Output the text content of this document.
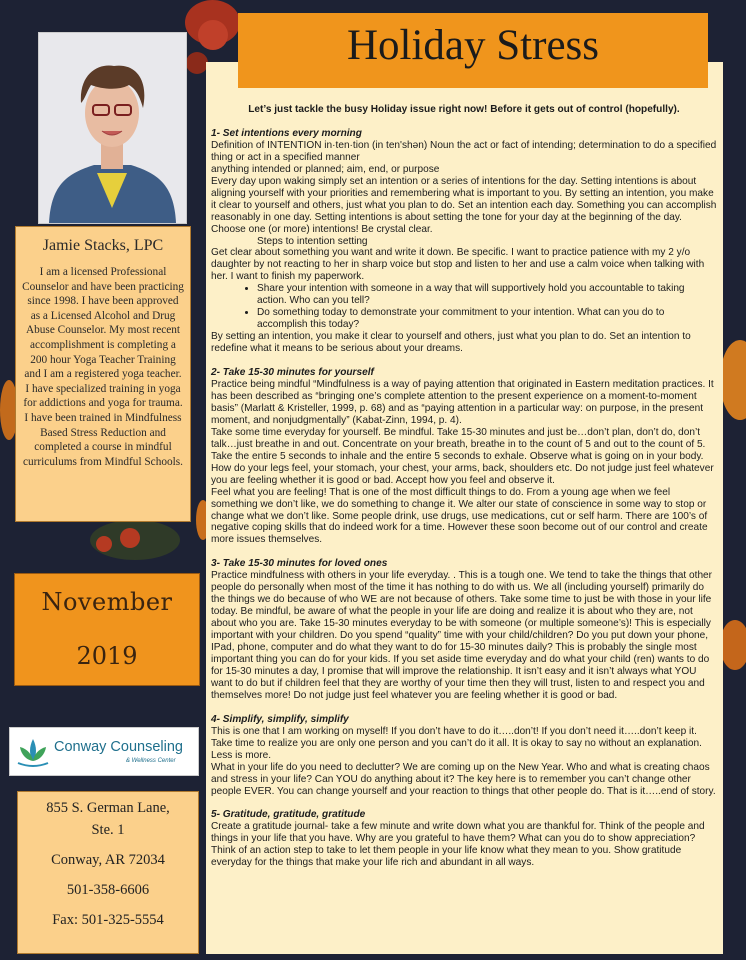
Jamie Stacks, LPC
I am a licensed Professional Counselor and have been practicing since 1998. I have been approved as a Licensed Alcohol and Drug Abuse Counselor. My most recent accomplishment is completing a 200 hour Yoga Teacher Training and I am a registered yoga teacher. I have specialized training in yoga for addictions and yoga for trauma. I have been trained in Mindfulness Based Stress Reduction and completed a course in mindful curriculums from Mindful Schools.
November
2019
Conway Counseling
& Wellness Center
855 S. German Lane,
Ste. 1
Conway, AR 72034
501-358-6606
Fax: 501-325-5554
Holiday Stress

Let’s just tackle the busy Holiday issue right now! Before it gets out of control (hopefully).

1- Set intentions every morning

Definition of INTENTION in·ten·tion (in ten'shən) Noun the act or fact of intending; determination to do a specified thing or act in a specified manner

anything intended or planned; aim, end, or purpose

Every day upon waking simply set an intention or a series of intentions for the day. Setting intentions is about aligning yourself with your priorities and remembering what is important to you. By setting an intention, you make it clear to yourself and others, just what you plan to do. Set an intention each day. Something you can accomplish reasonably in one day. Setting intentions is about setting the tone for your day at the beginning of the day. Choose one (or more) intentions! Be crystal clear.

Steps to intention setting

Get clear about something you want and write it down. Be specific. I want to practice patience with my 2 y/o daughter by not reacting to her in sharp voice but stop and listen to her and use a calm voice when talking with her. I want to finish my paperwork.

• Share your intention with someone in a way that will supportively hold you accountable to taking action. Who can you tell?
• Do something today to demonstrate your commitment to your intention. What can you do to accomplish this today?

By setting an intention, you make it clear to yourself and others, just what you plan to do. Set an intention to redefine what it means to be serious about your dreams.

2- Take 15-30 minutes for yourself

Practice being mindful “Mindfulness is a way of paying attention that originated in Eastern meditation practices. It has been described as “bringing one’s complete attention to the present experience on a moment-to-moment basis” (Marlatt & Kristeller, 1999, p. 68) and as “paying attention in a particular way: on purpose, in the present moment, and nonjudgmentally” (Kabat-Zinn, 1994, p. 4).

Take some time everyday for yourself. Be mindful. Take 15-30 minutes and just be…don’t plan, don’t do, don’t talk…just breathe in and out. Concentrate on your breath, breathe in to the count of 5 and out to the count of 5. Take the entire 5 seconds to inhale and the entire 5 seconds to exhale. Observe what is going on in your body. How do your legs feel, your stomach, your chest, your arms, back, shoulders etc. Do not judge just feel whatever you are feeling whether it is good or bad. Accept how you feel and observe it.

Feel what you are feeling! That is one of the most difficult things to do. From a young age when we feel something we don’t like, we do something to change it. We alter our state of conscience in some way to stop or change what we don’t like. Some people drink, use drugs, use medications, cut or self harm. There are 100’s of negative coping skills that do indeed work for a time. However these soon become out of our control and create more issues themselves.

3- Take 15-30 minutes for loved ones

Practice mindfulness with others in your life everyday. . This is a tough one. We tend to take the things that other people do personally when most of the time it has nothing to do with us. We all (including yourself) primarily do the things we do because of who WE are not because of others. Take some time to just be with those in your life today. Be mindful, be aware of what the people in your life are doing and realize it is about who they are, not about who you are. Take 15-30 minutes everyday to be with someone (or multiple someone’s)! This is especially important with your children. Do you spend “quality” time with your child/children? Do you put down your phone, IPad, phone, computer and do what they want to do for 15-30 minutes daily? This is probably the single most important thing you can do for your kids. If you set aside time everyday and do what your child (ren) wants to do for 15-30 minutes a day, I promise that will improve the relationship. It isn’t easy and it isn’t always what YOU want to do but if children feel that they are worthy of your time then they will trust, listen to and respect you and themselves more! Do not judge just feel whatever you are feeling whether it is good or bad.

4- Simplify, simplify, simplify

This is one that I am working on myself! If you don’t have to do it…..don’t! If you don’t need it…..don’t keep it. Take time to realize you are only one person and you can’t do it all. It is okay to say no without an explanation. Less is more.

What in your life do you need to declutter? We are coming up on the New Year. Who and what is creating chaos and stress in your life? Can YOU do anything about it? The key here is to remember you can’t change other people EVER. You can change yourself and your reaction to things that other people do. That is it…..end of story.

5- Gratitude, gratitude, gratitude

Create a gratitude journal- take a few minute and write down what you are thankful for. Think of the people and things in your life that you have. Why are you grateful to have them? What can you do to show appreciation? Think of an action step to take to let them people in your life know what they mean to you. Show gratitude everyday for the things that make your life rich and abundant in all ways.
